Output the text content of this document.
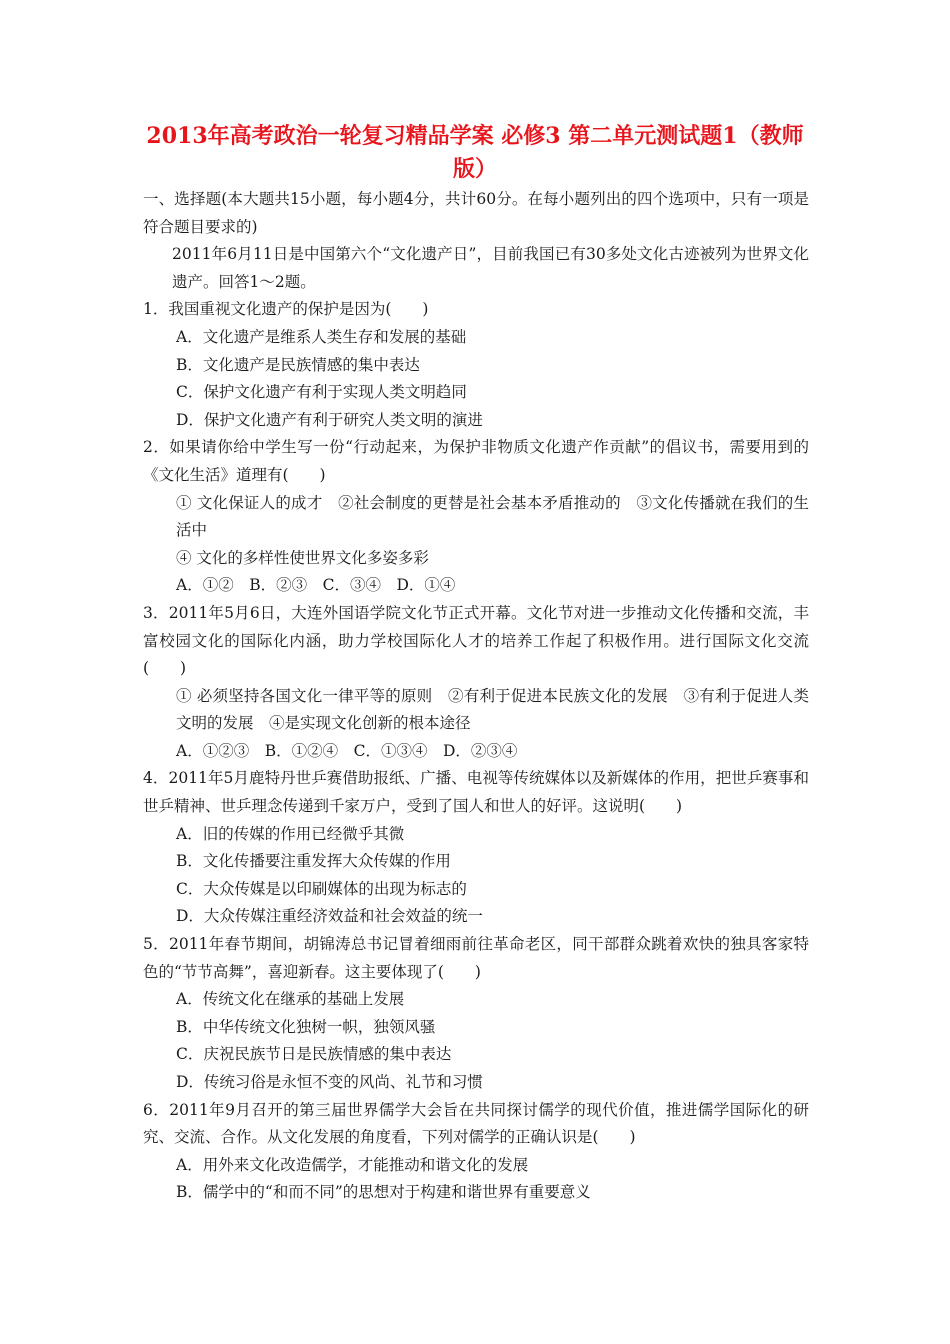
2013年高考政治一轮复习精品学案 必修3 第二单元测试题1（教师
版）
一、选择题(本大题共15小题，每小题4分，共计60分。在每小题列出的四个选项中，只有一项是符合题目要求的)
2011年6月11日是中国第六个“文化遗产日”，目前我国已有30多处文化古迹被列为世界文化遗产。回答1～2题。
1．我国重视文化遗产的保护是因为(　　)
A．文化遗产是维系人类生存和发展的基础
B．文化遗产是民族情感的集中表达
C．保护文化遗产有利于实现人类文明趋同
D．保护文化遗产有利于研究人类文明的演进
2．如果请你给中学生写一份“行动起来，为保护非物质文化遗产作贡献”的倡议书，需要用到的《文化生活》道理有(　　)
① 文化保证人的成才　②社会制度的更替是社会基本矛盾推动的　③文化传播就在我们的生活中
④ 文化的多样性使世界文化多姿多彩
A．①②　B．②③　C．③④　D．①④
3．2011年5月6日，大连外国语学院文化节正式开幕。文化节对进一步推动文化传播和交流，丰富校园文化的国际化内涵，助力学校国际化人才的培养工作起了积极作用。进行国际文化交流(　　)
① 必须坚持各国文化一律平等的原则　②有利于促进本民族文化的发展　③有利于促进人类文明的发展　④是实现文化创新的根本途径
A．①②③　B．①②④　C．①③④　D．②③④
4．2011年5月鹿特丹世乒赛借助报纸、广播、电视等传统媒体以及新媒体的作用，把世乒赛事和世乒精神、世乒理念传递到千家万户，受到了国人和世人的好评。这说明(　　)
A．旧的传媒的作用已经微乎其微
B．文化传播要注重发挥大众传媒的作用
C．大众传媒是以印刷媒体的出现为标志的
D．大众传媒注重经济效益和社会效益的统一
5．2011年春节期间，胡锦涛总书记冒着细雨前往革命老区，同干部群众跳着欢快的独具客家特色的“节节高舞”，喜迎新春。这主要体现了(　　)
A．传统文化在继承的基础上发展
B．中华传统文化独树一帜，独领风骚
C．庆祝民族节日是民族情感的集中表达
D．传统习俗是永恒不变的风尚、礼节和习惯
6．2011年9月召开的第三届世界儒学大会旨在共同探讨儒学的现代价值，推进儒学国际化的研究、交流、合作。从文化发展的角度看，下列对儒学的正确认识是(　　)
A．用外来文化改造儒学，才能推动和谐文化的发展
B．儒学中的“和而不同”的思想对于构建和谐世界有重要意义
